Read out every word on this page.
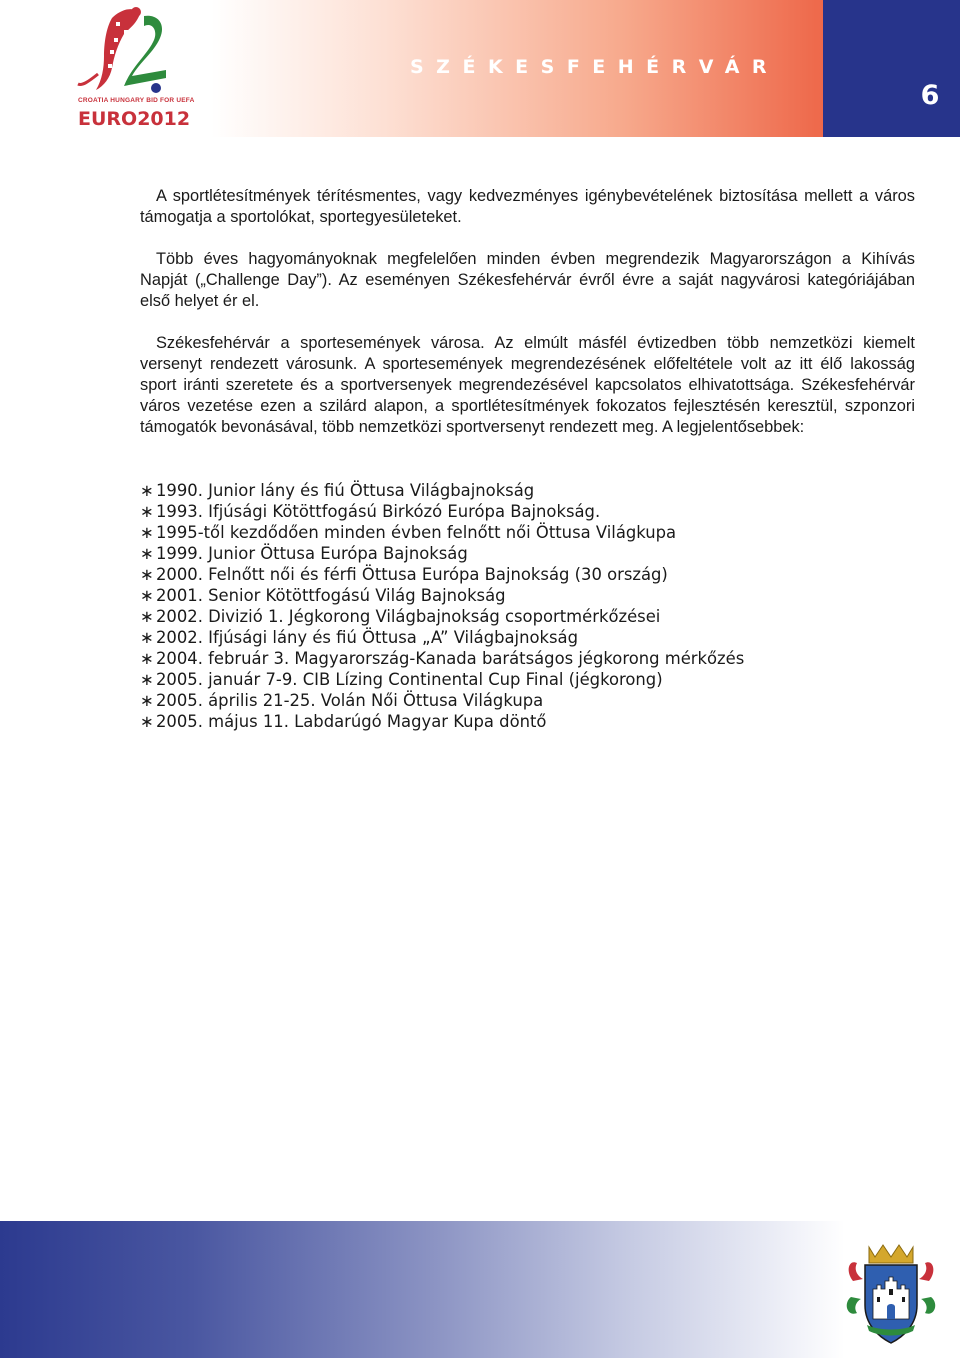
6
SZÉKESFEHÉRVÁR
CROATIA HUNGARY BID FOR UEFA
EURO2012

A sportlétesítmények térítésmentes, vagy kedvezményes igénybevételének biztosítása mellett a város támogatja a sportolókat, sportegyesületeket.

Több éves hagyományoknak megfelelően minden évben megrendezik Magyarországon a Kihívás Napját („Challenge Day”). Az eseményen Székesfehérvár évről évre a saját nagyvárosi kategóriájában első helyet ér el.

Székesfehérvár a sportesemények városa. Az elmúlt másfél évtizedben több nemzetközi kiemelt versenyt rendezett városunk. A sportesemények megrendezésének előfeltétele volt az itt élő lakosság sport iránti szeretete és a sportversenyek megrendezésével kapcsolatos elhivatottsága. Székesfehérvár város vezetése ezen a szilárd alapon, a sportlétesítmények fokozatos fejlesztésén keresztül, szponzori támogatók bevonásával, több nemzetközi sportversenyt rendezett meg. A legjelentősebbek:

∗ 1990. Junior lány és fiú Öttusa Világbajnokság
∗ 1993. Ifjúsági Kötöttfogású Birkózó Európa Bajnokság.
∗ 1995-től kezdődően minden évben felnőtt női Öttusa Világkupa
∗ 1999. Junior Öttusa Európa Bajnokság
∗ 2000. Felnőtt női és férfi Öttusa Európa Bajnokság (30 ország)
∗ 2001. Senior Kötöttfogású Világ Bajnokság
∗ 2002. Divizió 1. Jégkorong Világbajnokság csoportmérkőzései
∗ 2002. Ifjúsági lány és fiú Öttusa „A” Világbajnokság
∗ 2004. február 3. Magyarország-Kanada barátságos jégkorong mérkőzés
∗ 2005. január 7-9. CIB Lízing Continental Cup Final (jégkorong)
∗ 2005. április 21-25. Volán Női Öttusa Világkupa
∗ 2005. május 11. Labdarúgó Magyar Kupa döntő
